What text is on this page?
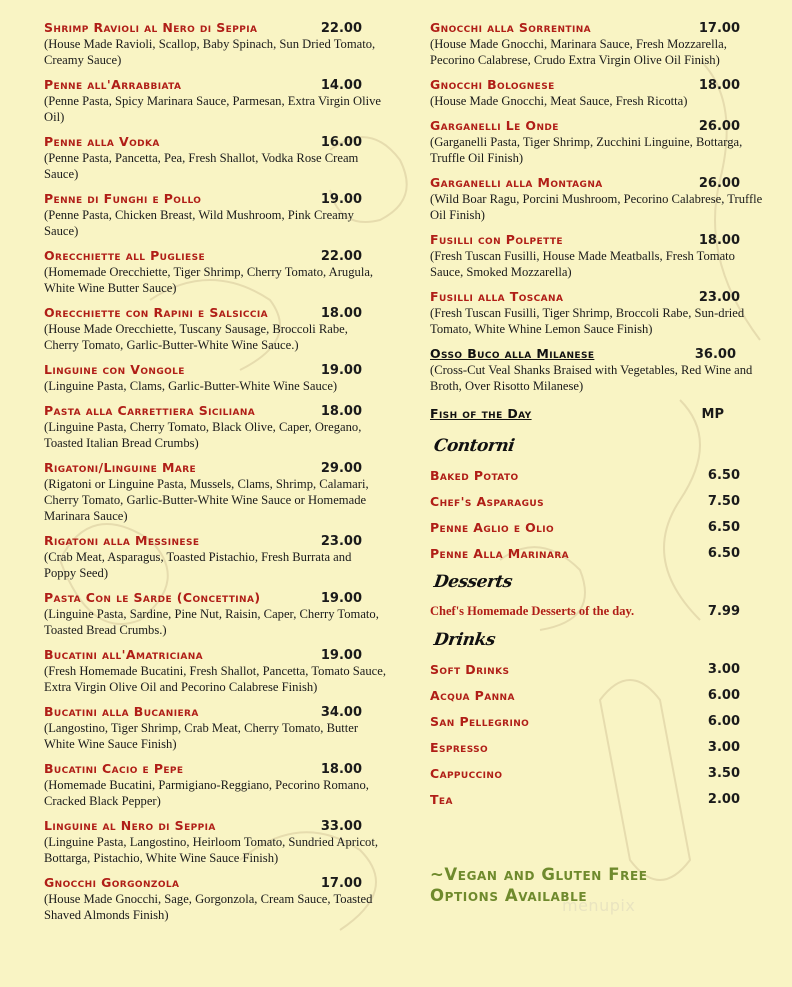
Shrimp Ravioli al Nero di Seppia	22.00
(House Made Ravioli, Scallop, Baby Spinach, Sun Dried Tomato, Creamy Sauce)
Penne all'Arrabbiata	14.00
(Penne Pasta, Spicy Marinara Sauce, Parmesan, Extra Virgin Olive Oil)
Penne alla Vodka	16.00
(Penne Pasta, Pancetta, Pea, Fresh Shallot, Vodka Rose Cream Sauce)
Penne di Funghi e Pollo	19.00
(Penne Pasta, Chicken Breast, Wild Mushroom, Pink Creamy Sauce)
Orecchiette all Pugliese	22.00
(Homemade Orecchiette, Tiger Shrimp, Cherry Tomato, Arugula, White Wine Butter Sauce)
Orecchiette con Rapini e Salsiccia	18.00
(House Made Orecchiette, Tuscany Sausage, Broccoli Rabe, Cherry Tomato, Garlic-Butter-White Wine Sauce.)
Linguine con Vongole	19.00
(Linguine Pasta, Clams, Garlic-Butter-White Wine Sauce)
Pasta alla Carrettiera Siciliana	18.00
(Linguine Pasta, Cherry Tomato, Black Olive, Caper, Oregano, Toasted Italian Bread Crumbs)
Rigatoni/Linguine Mare	29.00
(Rigatoni or Linguine Pasta, Mussels, Clams, Shrimp, Calamari, Cherry Tomato, Garlic-Butter-White Wine Sauce or Homemade Marinara Sauce)
Rigatoni alla Messinese	23.00
(Crab Meat, Asparagus, Toasted Pistachio, Fresh Burrata and Poppy Seed)
Pasta Con le Sarde (Concettina)	19.00
(Linguine Pasta, Sardine, Pine Nut, Raisin, Caper, Cherry Tomato, Toasted Bread Crumbs.)
Bucatini all'Amatriciana	19.00
(Fresh Homemade Bucatini, Fresh Shallot, Pancetta, Tomato Sauce, Extra Virgin Olive Oil and Pecorino Calabrese Finish)
Bucatini alla Bucaniera	34.00
(Langostino, Tiger Shrimp, Crab Meat, Cherry Tomato, Butter White Wine Sauce Finish)
Bucatini Cacio e Pepe	18.00
(Homemade Bucatini, Parmigiano-Reggiano, Pecorino Romano, Cracked Black Pepper)
Linguine al Nero di Seppia	33.00
(Linguine Pasta, Langostino, Heirloom Tomato, Sundried Apricot, Bottarga, Pistachio, White Wine Sauce Finish)
Gnocchi Gorgonzola	17.00
(House Made Gnocchi, Sage, Gorgonzola, Cream Sauce, Toasted Shaved Almonds Finish)
Gnocchi alla Sorrentina	17.00
(House Made Gnocchi, Marinara Sauce, Fresh Mozzarella, Pecorino Calabrese, Crudo Extra Virgin Olive Oil Finish)
Gnocchi Bolognese	18.00
(House Made Gnocchi, Meat Sauce, Fresh Ricotta)
Garganelli Le Onde	26.00
(Garganelli Pasta, Tiger Shrimp, Zucchini Linguine, Bottarga, Truffle Oil Finish)
Garganelli alla Montagna	26.00
(Wild Boar Ragu, Porcini Mushroom, Pecorino Calabrese, Truffle Oil Finish)
Fusilli con Polpette	18.00
(Fresh Tuscan Fusilli, House Made Meatballs, Fresh Tomato Sauce, Smoked Mozzarella)
Fusilli alla Toscana	23.00
(Fresh Tuscan Fusilli, Tiger Shrimp, Broccoli Rabe, Sun-dried Tomato, White Whine Lemon Sauce Finish)
Osso Buco alla Milanese	36.00
(Cross-Cut Veal Shanks Braised with Vegetables, Red Wine and Broth, Over Risotto Milanese)
Fish of the Day	MP
Contorni
Baked Potato	6.50
Chef's Asparagus	7.50
Penne Aglio e Olio	6.50
Penne Alla Marinara	6.50
Desserts
Chef's Homemade Desserts of the day.	7.99
Drinks
Soft Drinks	3.00
Acqua Panna	6.00
San Pellegrino	6.00
Espresso	3.00
Cappuccino	3.50
Tea	2.00
~Vegan and Gluten Free
Options Available
menupix
